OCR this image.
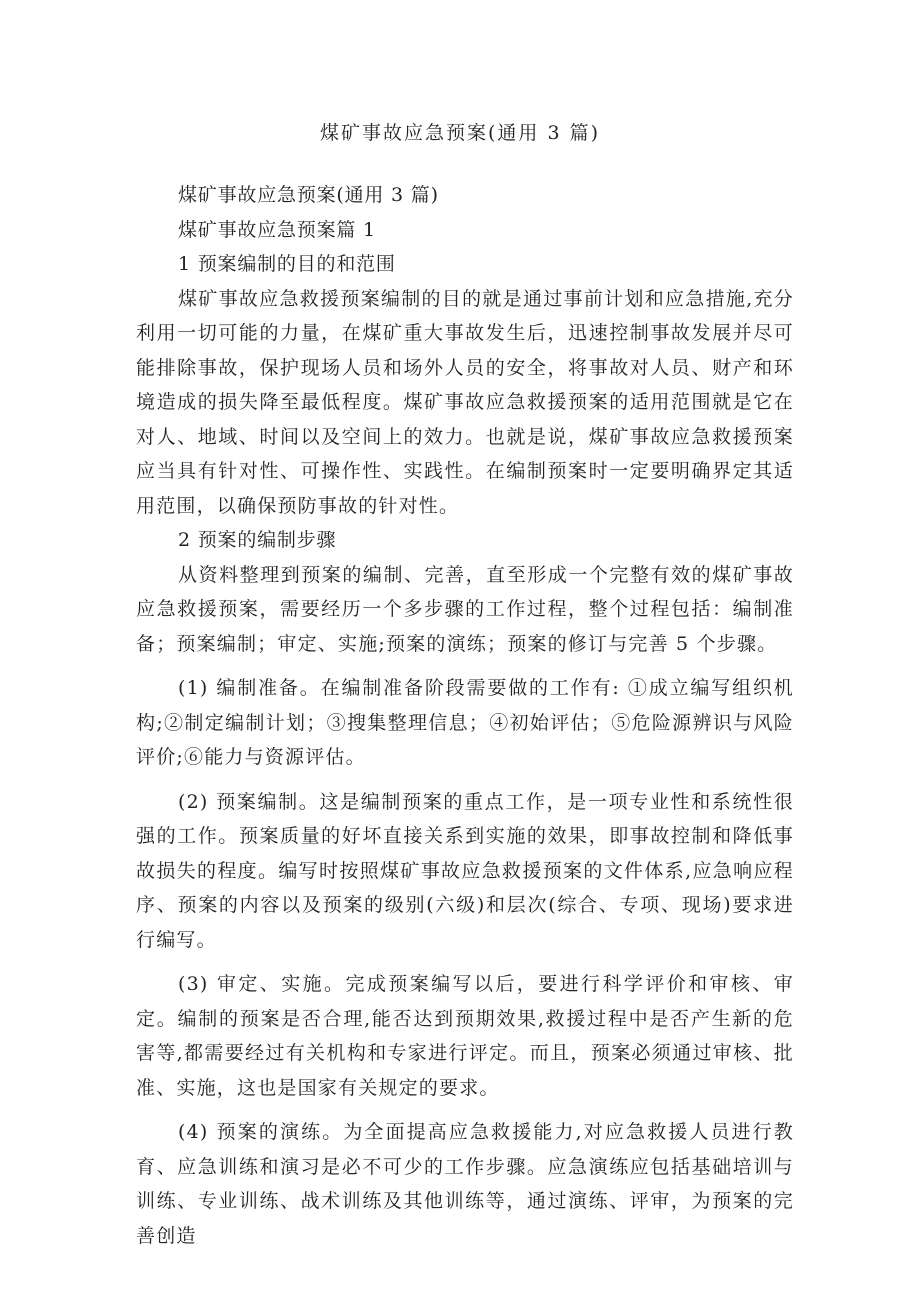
煤矿事故应急预案(通用 3 篇)

煤矿事故应急预案(通用 3 篇)

煤矿事故应急预案篇 1

1 预案编制的目的和范围

煤矿事故应急救援预案编制的目的就是通过事前计划和应急措施,充分利用一切可能的力量，在煤矿重大事故发生后，迅速控制事故发展并尽可能排除事故，保护现场人员和场外人员的安全，将事故对人员、财产和环境造成的损失降至最低程度。煤矿事故应急救援预案的适用范围就是它在对人、地域、时间以及空间上的效力。也就是说，煤矿事故应急救援预案应当具有针对性、可操作性、实践性。在编制预案时一定要明确界定其适用范围，以确保预防事故的针对性。

2 预案的编制步骤

从资料整理到预案的编制、完善，直至形成一个完整有效的煤矿事故应急救援预案，需要经历一个多步骤的工作过程，整个过程包括：编制准备；预案编制；审定、实施;预案的演练；预案的修订与完善 5 个步骤。

(1) 编制准备。在编制准备阶段需要做的工作有: ①成立编写组织机构;②制定编制计划；③搜集整理信息；④初始评估；⑤危险源辨识与风险评价;⑥能力与资源评估。

(2) 预案编制。这是编制预案的重点工作，是一项专业性和系统性很强的工作。预案质量的好坏直接关系到实施的效果，即事故控制和降低事故损失的程度。编写时按照煤矿事故应急救援预案的文件体系,应急响应程序、预案的内容以及预案的级别(六级)和层次(综合、专项、现场)要求进行编写。

(3) 审定、实施。完成预案编写以后，要进行科学评价和审核、审定。编制的预案是否合理,能否达到预期效果,救援过程中是否产生新的危害等,都需要经过有关机构和专家进行评定。而且，预案必须通过审核、批准、实施，这也是国家有关规定的要求。

(4) 预案的演练。为全面提高应急救援能力,对应急救援人员进行教育、应急训练和演习是必不可少的工作步骤。应急演练应包括基础培训与训练、专业训练、战术训练及其他训练等，通过演练、评审，为预案的完善创造
